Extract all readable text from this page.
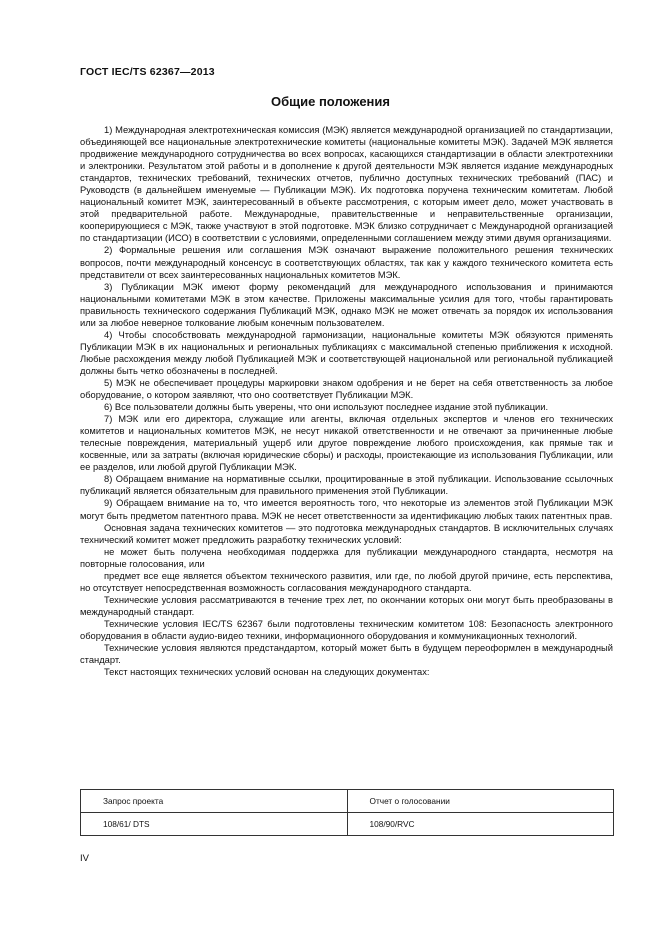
ГОСТ IEC/TS 62367—2013
Общие положения

1) Международная электротехническая комиссия (МЭК) является международной организацией по стандартизации, объединяющей все национальные электротехнические комитеты (национальные комитеты МЭК). Задачей МЭК является продвижение международного сотрудничества во всех вопросах, касающихся стандартизации в области электротехники и электроники. Результатом этой работы и в дополнение к другой деятельности МЭК является издание международных стандартов, технических требований, технических отчетов, публично доступных технических требований (ПАС) и Руководств (в дальнейшем именуемые — Публикации МЭК). Их подготовка поручена техническим комитетам. Любой национальный комитет МЭК, заинтересованный в объекте рассмотрения, с которым имеет дело, может участвовать в этой предварительной работе. Международные, правительственные и неправительственные организации, кооперирующиеся с МЭК, также участвуют в этой подготовке. МЭК близко сотрудничает с Международной организацией по стандартизации (ИСО) в соответствии с условиями, определенными соглашением между этими двумя организациями.

2) Формальные решения или соглашения МЭК означают выражение положительного решения технических вопросов, почти международный консенсус в соответствующих областях, так как у каждого технического комитета есть представители от всех заинтересованных национальных комитетов МЭК.

3) Публикации МЭК имеют форму рекомендаций для международного использования и принимаются национальными комитетами МЭК в этом качестве. Приложены максимальные усилия для того, чтобы гарантировать правильность технического содержания Публикаций МЭК, однако МЭК не может отвечать за порядок их использования или за любое неверное толкование любым конечным пользователем.

4) Чтобы способствовать международной гармонизации, национальные комитеты МЭК обязуются применять Публикации МЭК в их национальных и региональных публикациях с максимальной степенью приближения к исходной. Любые расхождения между любой Публикацией МЭК и соответствующей национальной или региональной публикацией должны быть четко обозначены в последней.

5) МЭК не обеспечивает процедуры маркировки знаком одобрения и не берет на себя ответственность за любое оборудование, о котором заявляют, что оно соответствует Публикации МЭК.

6) Все пользователи должны быть уверены, что они используют последнее издание этой публикации.

7) МЭК или его директора, служащие или агенты, включая отдельных экспертов и членов его технических комитетов и национальных комитетов МЭК, не несут никакой ответственности и не отвечают за причиненные любые телесные повреждения, материальный ущерб или другое повреждение любого происхождения, как прямые так и косвенные, или за затраты (включая юридические сборы) и расходы, проистекающие из использования Публикации, или ее разделов, или любой другой Публикации МЭК.

8) Обращаем внимание на нормативные ссылки, процитированные в этой публикации. Использование ссылочных публикаций является обязательным для правильного применения этой Публикации.

9) Обращаем внимание на то, что имеется вероятность того, что некоторые из элементов этой Публикации МЭК могут быть предметом патентного права. МЭК не несет ответственности за идентификацию любых таких патентных прав.

Основная задача технических комитетов — это подготовка международных стандартов. В исключительных случаях технический комитет может предложить разработку технических условий:

не может быть получена необходимая поддержка для публикации международного стандарта, несмотря на повторные голосования, или

предмет все еще является объектом технического развития, или где, по любой другой причине, есть перспектива, но отсутствует непосредственная возможность согласования международного стандарта.

Технические условия рассматриваются в течение трех лет, по окончании которых они могут быть преобразованы в международный стандарт.

Технические условия IEC/TS 62367 были подготовлены техническим комитетом 108: Безопасность электронного оборудования в области аудио-видео техники, информационного оборудования и коммуникационных технологий.

Технические условия являются предстандартом, который может быть в будущем переоформлен в международный стандарт.

Текст настоящих технических условий основан на следующих документах:

Запрос проекта	Отчет о голосовании
108/61/ DTS	108/90/RVC
IV
